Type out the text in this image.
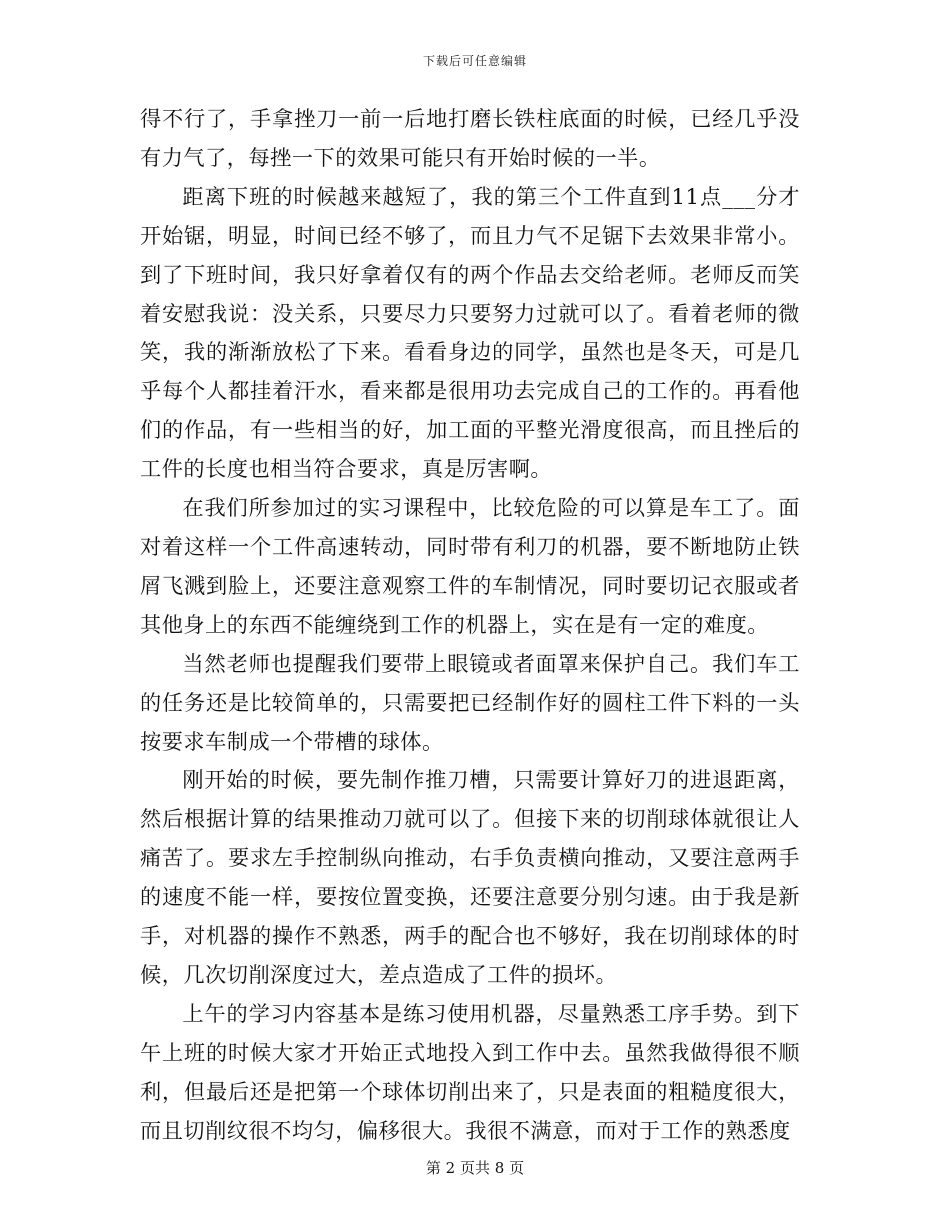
下载后可任意编辑

得不行了，手拿挫刀一前一后地打磨长铁柱底面的时候，已经几乎没有力气了，每挫一下的效果可能只有开始时候的一半。

距离下班的时候越来越短了，我的第三个工件直到11点___分才开始锯，明显，时间已经不够了，而且力气不足锯下去效果非常小。到了下班时间，我只好拿着仅有的两个作品去交给老师。老师反而笑着安慰我说：没关系，只要尽力只要努力过就可以了。看着老师的微笑，我的渐渐放松了下来。看看身边的同学，虽然也是冬天，可是几乎每个人都挂着汗水，看来都是很用功去完成自己的工作的。再看他们的作品，有一些相当的好，加工面的平整光滑度很高，而且挫后的工件的长度也相当符合要求，真是厉害啊。

在我们所参加过的实习课程中，比较危险的可以算是车工了。面对着这样一个工件高速转动，同时带有利刀的机器，要不断地防止铁屑飞溅到脸上，还要注意观察工件的车制情况，同时要切记衣服或者其他身上的东西不能缠绕到工作的机器上，实在是有一定的难度。

当然老师也提醒我们要带上眼镜或者面罩来保护自己。我们车工的任务还是比较简单的，只需要把已经制作好的圆柱工件下料的一头按要求车制成一个带槽的球体。

刚开始的时候，要先制作推刀槽，只需要计算好刀的进退距离，然后根据计算的结果推动刀就可以了。但接下来的切削球体就很让人痛苦了。要求左手控制纵向推动，右手负责横向推动，又要注意两手的速度不能一样，要按位置变换，还要注意要分别匀速。由于我是新手，对机器的操作不熟悉，两手的配合也不够好，我在切削球体的时候，几次切削深度过大，差点造成了工件的损坏。

上午的学习内容基本是练习使用机器，尽量熟悉工序手势。到下午上班的时候大家才开始正式地投入到工作中去。虽然我做得很不顺利，但最后还是把第一个球体切削出来了，只是表面的粗糙度很大，而且切削纹很不均匀，偏移很大。我很不满意，而对于工作的熟悉度

第 2 页共 8 页
